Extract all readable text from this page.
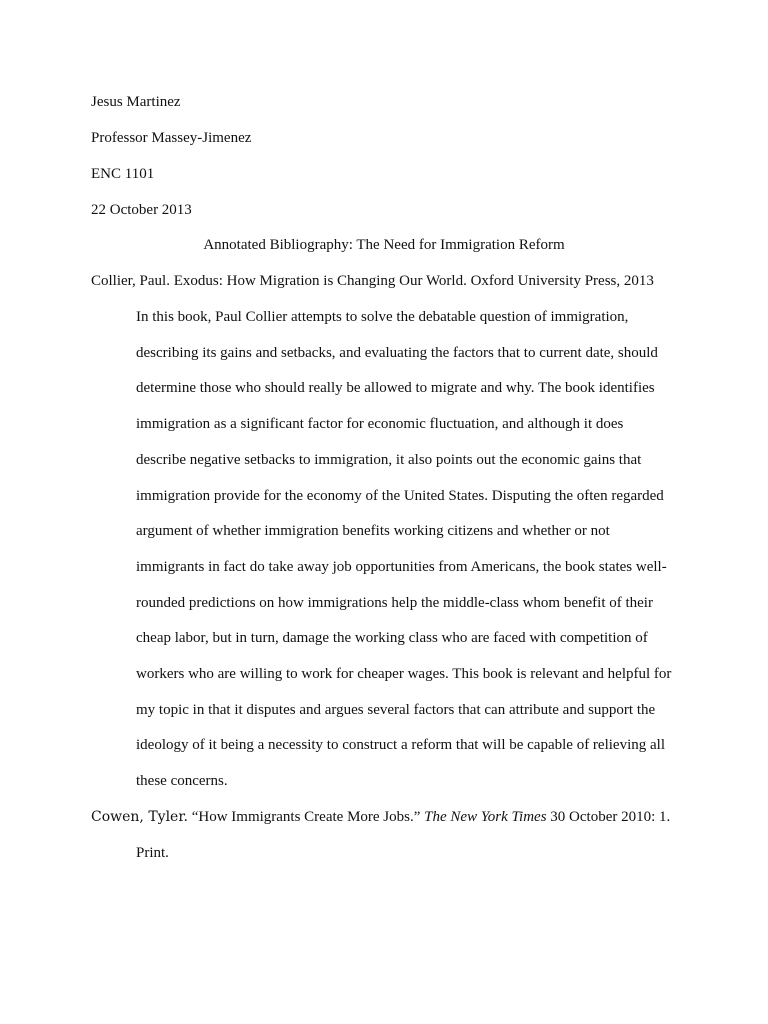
Jesus Martinez
Professor Massey-Jimenez
ENC 1101
22 October 2013
Annotated Bibliography: The Need for Immigration Reform
Collier, Paul. Exodus: How Migration is Changing Our World. Oxford University Press, 2013
In this book, Paul Collier attempts to solve the debatable question of immigration,
describing its gains and setbacks, and evaluating the factors that to current date, should
determine those who should really be allowed to migrate and why. The book identifies
immigration as a significant factor for economic fluctuation, and although it does
describe negative setbacks to immigration, it also points out the economic gains that
immigration provide for the economy of the United States. Disputing the often regarded
argument of whether immigration benefits working citizens and whether or not
immigrants in fact do take away job opportunities from Americans, the book states well-
rounded predictions on how immigrations help the middle-class whom benefit of their
cheap labor, but in turn, damage the working class who are faced with competition of
workers who are willing to work for cheaper wages. This book is relevant and helpful for
my topic in that it disputes and argues several factors that can attribute and support the
ideology of it being a necessity to construct a reform that will be capable of relieving all
these concerns.
Cowen, Tyler. “How Immigrants Create More Jobs.” The New York Times 30 October 2010: 1.
Print.
